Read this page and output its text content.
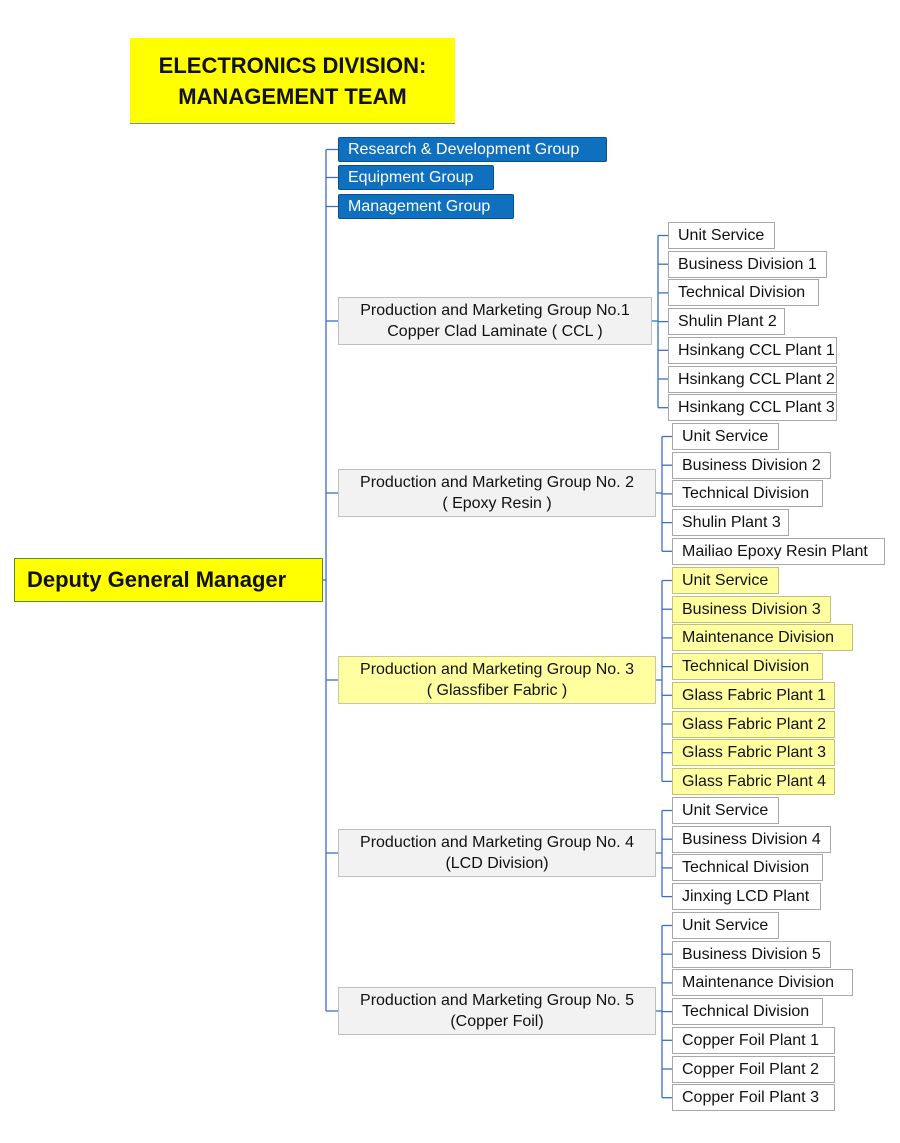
ELECTRONICS DIVISION:
MANAGEMENT TEAM
Deputy General Manager
Research & Development Group
Equipment Group
Management Group
Production and Marketing Group No.1
Copper Clad Laminate ( CCL )
Unit Service
Business Division 1
Technical Division
Shulin Plant 2
Hsinkang CCL Plant 1
Hsinkang CCL Plant 2
Hsinkang CCL Plant 3
Production and Marketing Group No. 2
( Epoxy Resin )
Unit Service
Business Division 2
Technical Division
Shulin Plant 3
Mailiao Epoxy Resin Plant
Production and Marketing Group No. 3
( Glassfiber Fabric )
Unit Service
Business Division 3
Maintenance Division
Technical Division
Glass Fabric Plant 1
Glass Fabric Plant 2
Glass Fabric Plant 3
Glass Fabric Plant 4
Production and Marketing Group No. 4
(LCD Division)
Unit Service
Business Division 4
Technical Division
Jinxing LCD Plant
Production and Marketing Group No. 5
(Copper Foil)
Unit Service
Business Division 5
Maintenance Division
Technical Division
Copper Foil Plant 1
Copper Foil Plant 2
Copper Foil Plant 3
